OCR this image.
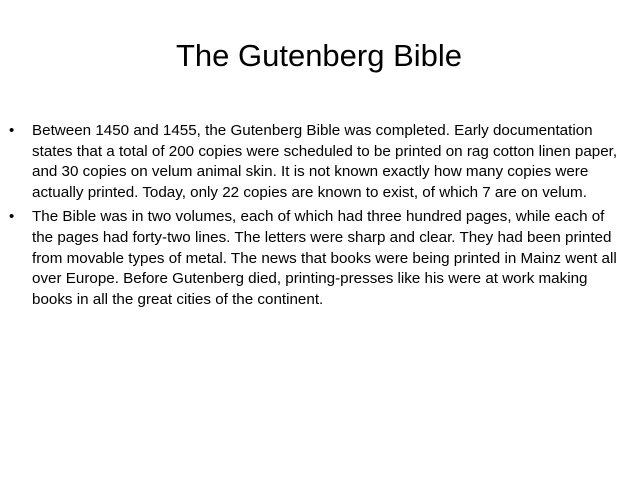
The Gutenberg Bible
•	Between 1450 and 1455, the Gutenberg Bible was completed. Early documentation states that a total of 200 copies were scheduled to be printed on rag cotton linen paper, and 30 copies on velum animal skin. It is not known exactly how many copies were actually printed. Today, only 22 copies are known to exist, of which 7 are on velum.
•	The Bible was in two volumes, each of which had three hundred pages, while each of the pages had forty-two lines. The letters were sharp and clear. They had been printed from movable types of metal. The news that books were being printed in Mainz went all over Europe. Before Gutenberg died, printing-presses like his were at work making books in all the great cities of the continent.
